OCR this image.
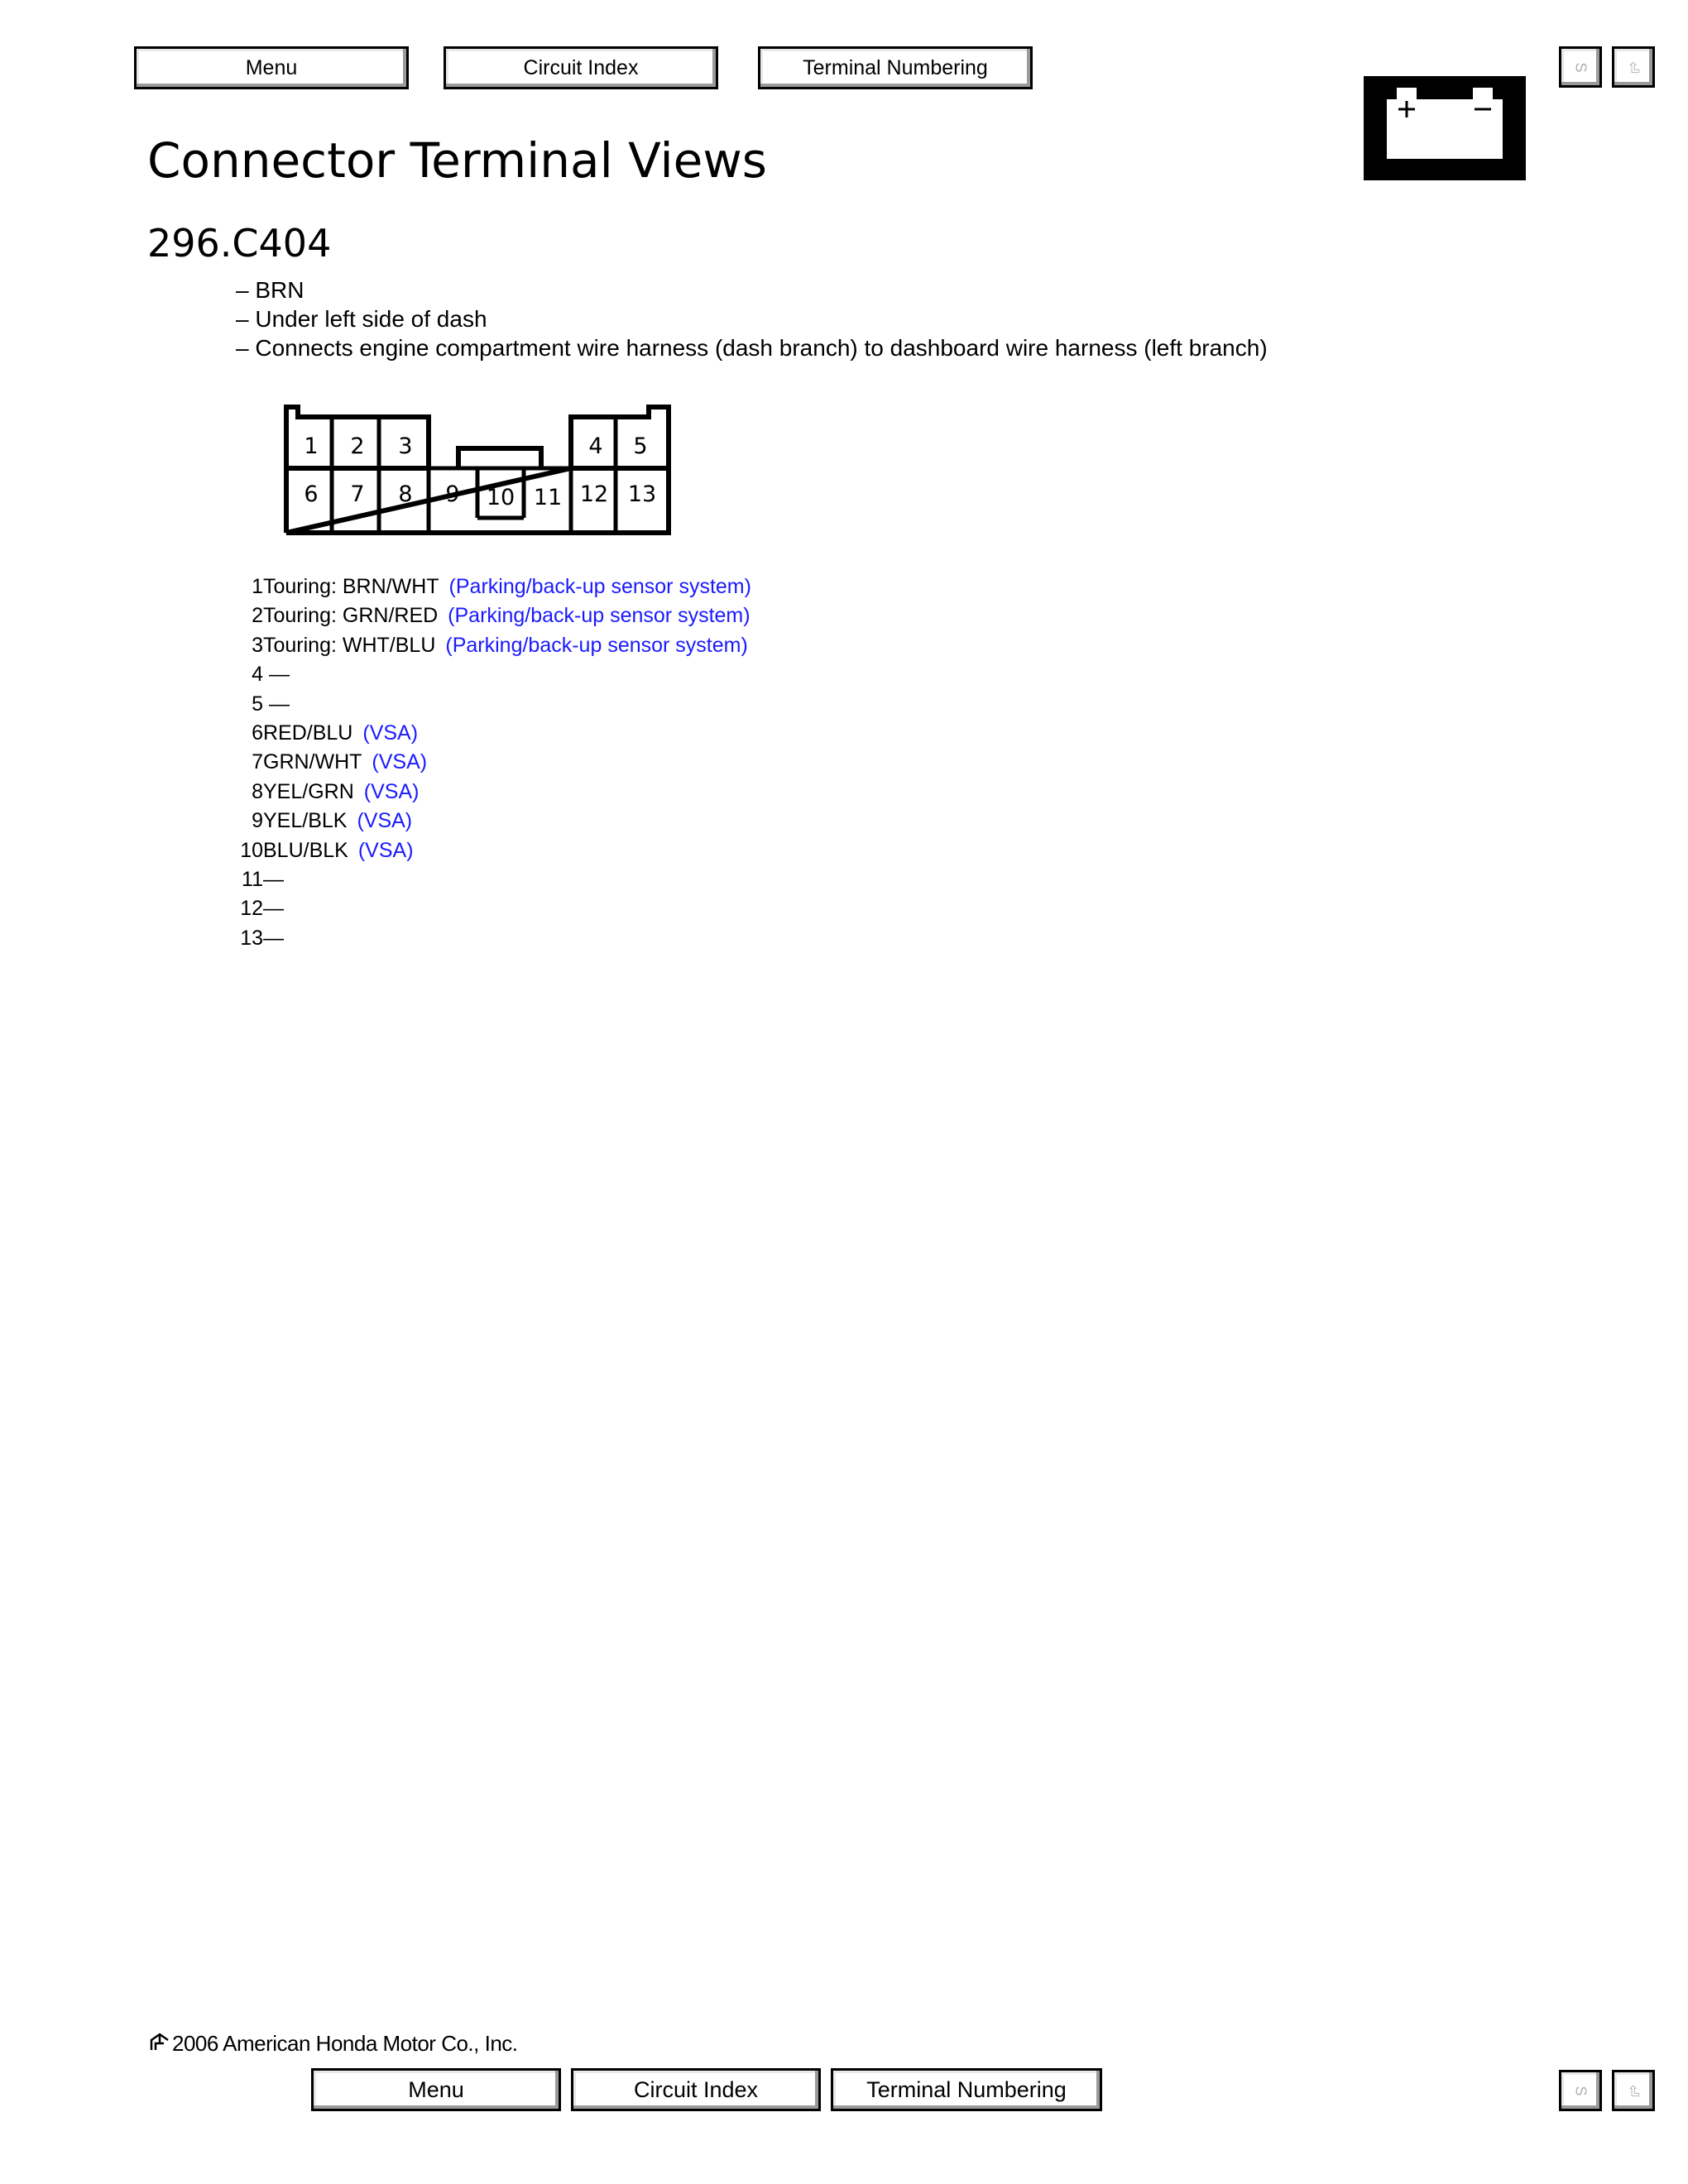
Menu	Circuit Index	Terminal Numbering	S ⏎
Connector Terminal Views
296.C404
– BRN
– Under left side of dash
– Connects engine compartment wire harness (dash branch) to dashboard wire harness (left branch)
1 2 3	4 5
6 7 8 9 10 11 12 13
1Touring: BRN/WHT (Parking/back-up sensor system)
2Touring: GRN/RED (Parking/back-up sensor system)
3Touring: WHT/BLU (Parking/back-up sensor system)
4 —
5 —
6RED/BLU (VSA)
7GRN/WHT (VSA)
8YEL/GRN (VSA)
9YEL/BLK (VSA)
10BLU/BLK (VSA)
11—
12—
13—
2006 American Honda Motor Co., Inc.
Menu	Circuit Index	Terminal Numbering	S ⏎
